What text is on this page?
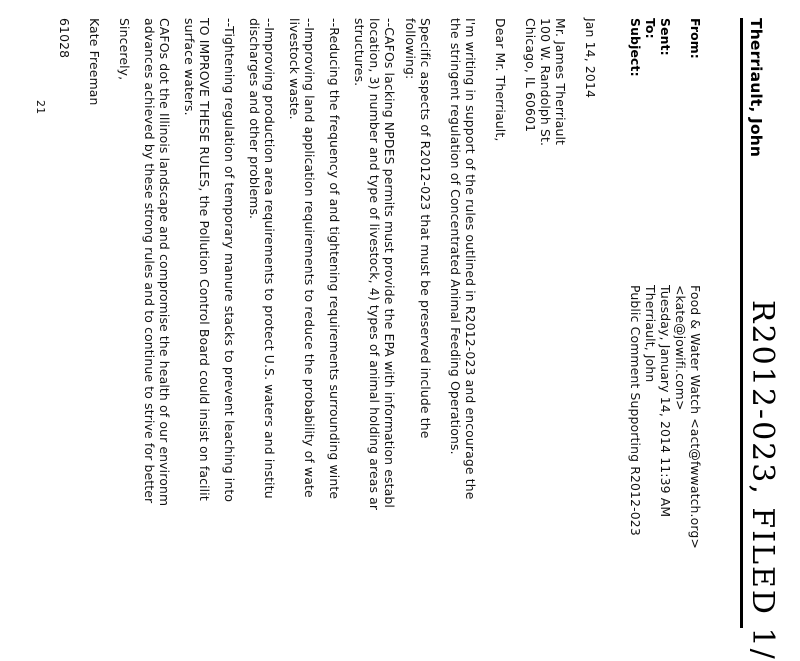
R2012-023, FILED 1/
Therriault, John
From:
Food & Water Watch <act@fwwatch.org>
<kate@jowifi.com>
Sent:
Tuesday, January 14, 2014 11:39 AM
To:
Therriault, John
Subject:
Public Comment Supporting R2012-023
Jan 14, 2014
Mr. James Therriault
100 W. Randolph St.
Chicago, IL 60601
Dear Mr. Therriault,
I'm writing in support of the rules outlined in R2012-023 and encourage the
the stringent regulation of Concentrated Animal Feeding Operations.
Specific aspects of R2012-023 that must be preserved include the
following:
--CAFOs lacking NPDES permits must provide the EPA with information establ
location, 3) number and type of livestock, 4) types of animal holding areas ar
structures.
--Reducing the frequency of and tightening requirements surrounding winte
--Improving land application requirements to reduce the probability of wate
livestock waste.
--Improving production area requirements to protect U.S. waters and institu
discharges and other problems.
--Tightening regulation of temporary manure stacks to prevent leaching into
TO IMPROVE THESE RULES, the Pollution Control Board could insist on facilit
surface waters.
CAFOs dot the Illinois landscape and compromise the health of our environm
advances achieved by these strong rules and to continue to strive for better
Sincerely,
Kate Freeman
61028
21
